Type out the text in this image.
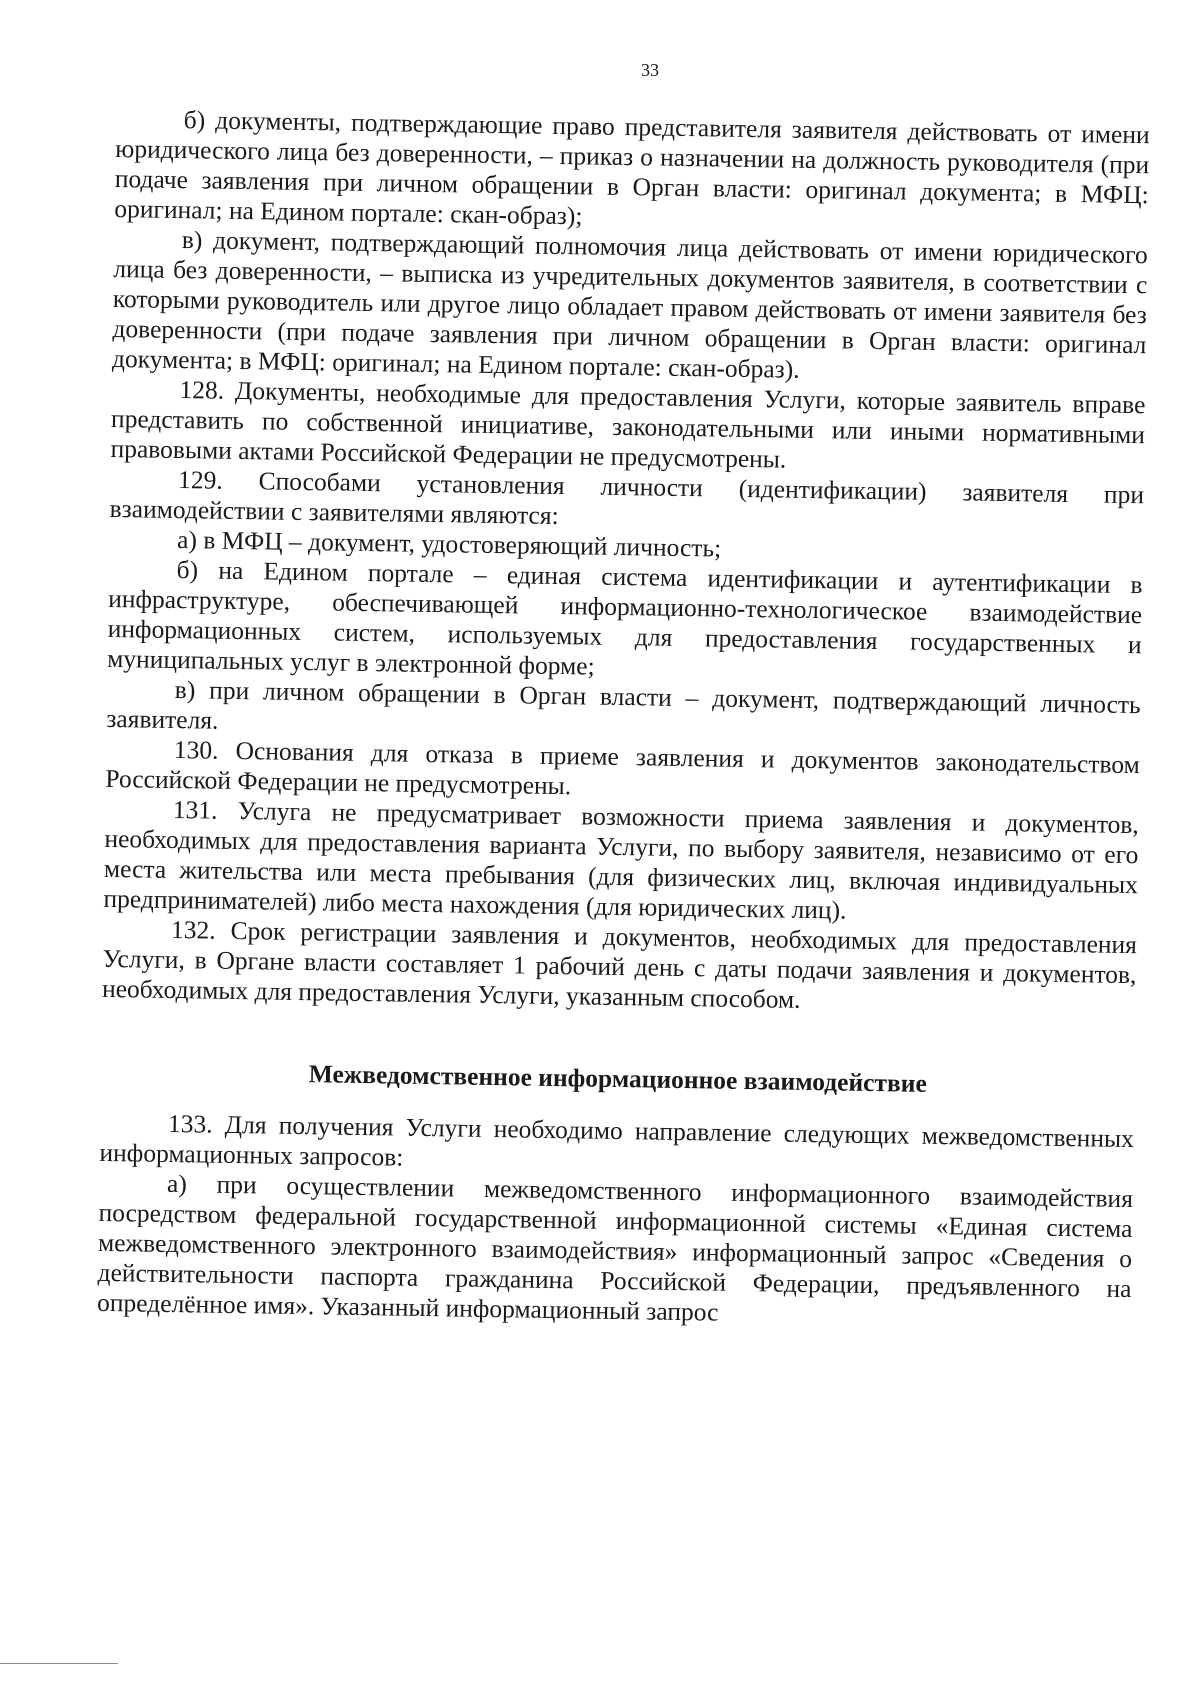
33

б) документы, подтверждающие право представителя заявителя действовать от имени юридического лица без доверенности, – приказ о назначении на должность руководителя (при подаче заявления при личном обращении в Орган власти: оригинал документа; в МФЦ: оригинал; на Едином портале: скан-образ);

в) документ, подтверждающий полномочия лица действовать от имени юридического лица без доверенности, – выписка из учредительных документов заявителя, в соответствии с которыми руководитель или другое лицо обладает правом действовать от имени заявителя без доверенности (при подаче заявления при личном обращении в Орган власти: оригинал документа; в МФЦ: оригинал; на Едином портале: скан-образ).

128. Документы, необходимые для предоставления Услуги, которые заявитель вправе представить по собственной инициативе, законодательными или иными нормативными правовыми актами Российской Федерации не предусмотрены.

129. Способами установления личности (идентификации) заявителя при взаимодействии с заявителями являются:

а) в МФЦ – документ, удостоверяющий личность;

б) на Едином портале – единая система идентификации и аутентификации в инфраструктуре, обеспечивающей информационно-технологическое взаимодействие информационных систем, используемых для предоставления государственных и муниципальных услуг в электронной форме;

в) при личном обращении в Орган власти – документ, подтверждающий личность заявителя.

130. Основания для отказа в приеме заявления и документов законодательством Российской Федерации не предусмотрены.

131. Услуга не предусматривает возможности приема заявления и документов, необходимых для предоставления варианта Услуги, по выбору заявителя, независимо от его места жительства или места пребывания (для физических лиц, включая индивидуальных предпринимателей) либо места нахождения (для юридических лиц).

132. Срок регистрации заявления и документов, необходимых для предоставления Услуги, в Органе власти составляет 1 рабочий день с даты подачи заявления и документов, необходимых для предоставления Услуги, указанным способом.

Межведомственное информационное взаимодействие

133. Для получения Услуги необходимо направление следующих межведомственных информационных запросов:

а) при осуществлении межведомственного информационного взаимодействия посредством федеральной государственной информационной системы «Единая система межведомственного электронного взаимодействия» информационный запрос «Сведения о действительности паспорта гражданина Российской Федерации, предъявленного на определённое имя». Указанный информационный запрос
